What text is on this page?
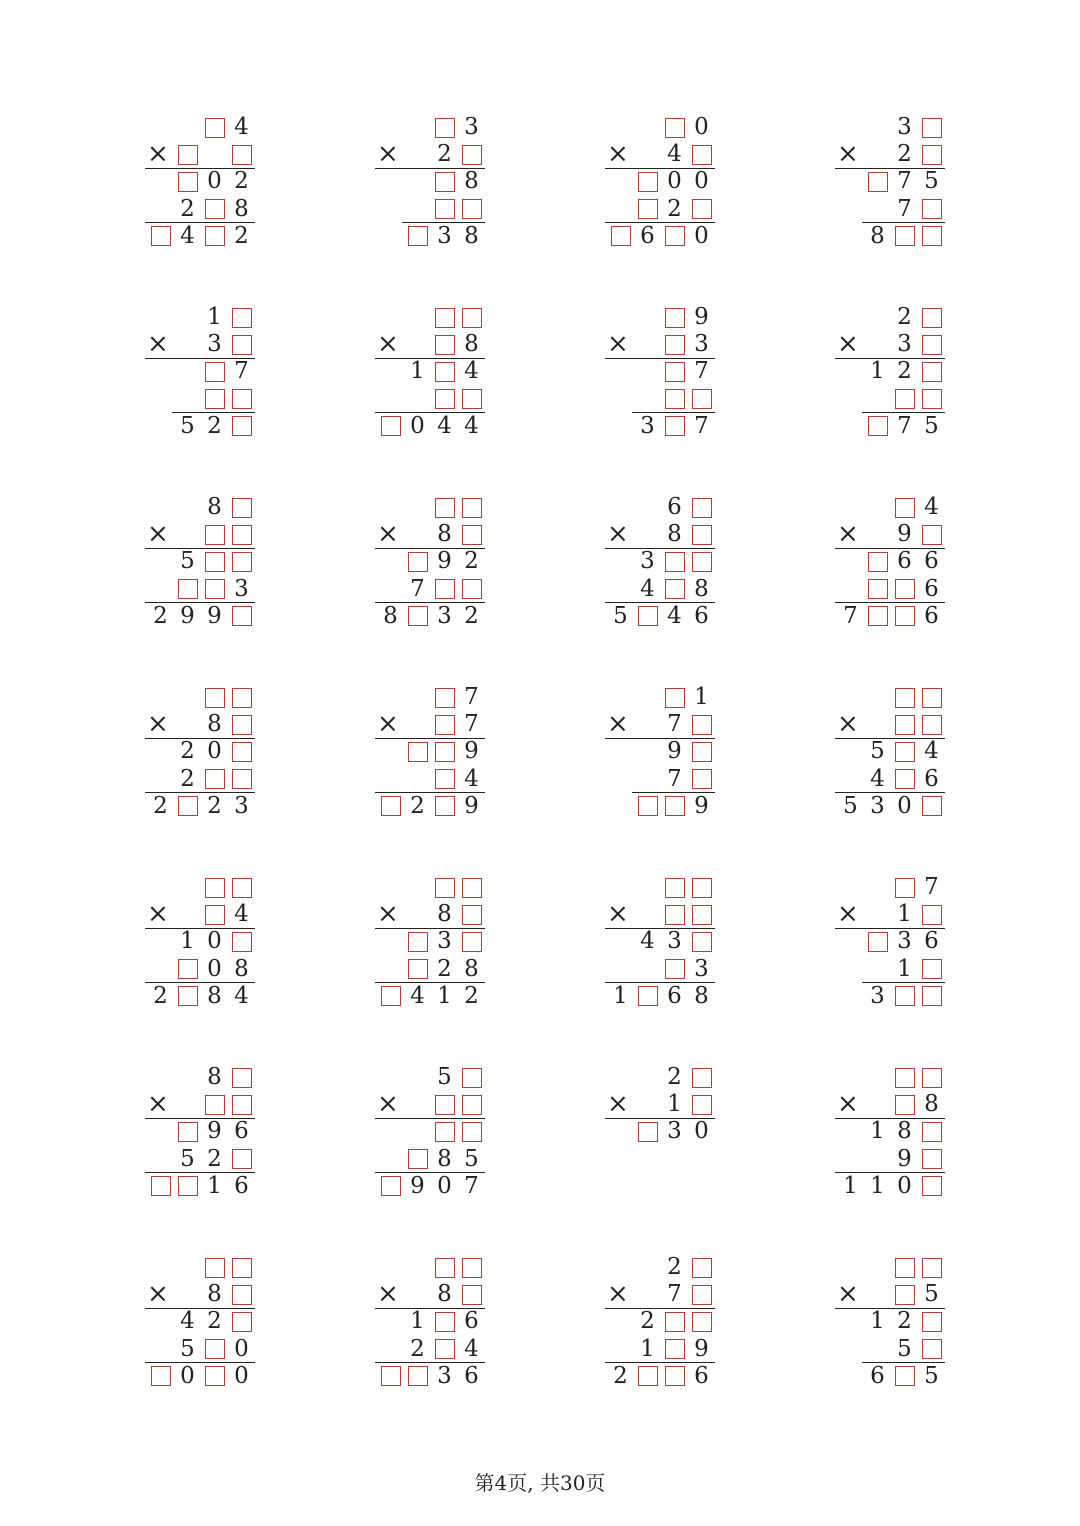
4
×
0 2
2 8
4 2
3
2
×
8
3 8
0
4
×
0 0
2
6 0
3
2
×
7 5
7
8
1
3
×
7
5 2
8
×
1 4
0 4 4
9
3
×
7
3 7
2
3
×
1 2
7 5
8
×
5
3
2 9 9
8
×
9 2
7
8 3 2
6
8
×
3
4 8
5 4 6
4
9
×
6 6
6
7	6
8
×
2 0
2
2 2 3
7
7
×
9
4
2 9
1
7
×
9
7
9
×
5 4
4 6
5 3 0
4
×
1 0
0 8
2 8 4
8
×
3
2 8
4 1 2
×
4 3
3
1 6 8
7
1
×
3 6
1
3
8
×
9 6
5 2
1 6
5
×
8 5
9 0 7
2
1
×
3 0
8
×
1 8
9
1 1 0
8
×
4 2
5 0
0 0
8
×
1 6
2 4
3 6
2
7
×
2
1 9
2	6
5
×
1 2
5
6 5
第4页, 共30页
